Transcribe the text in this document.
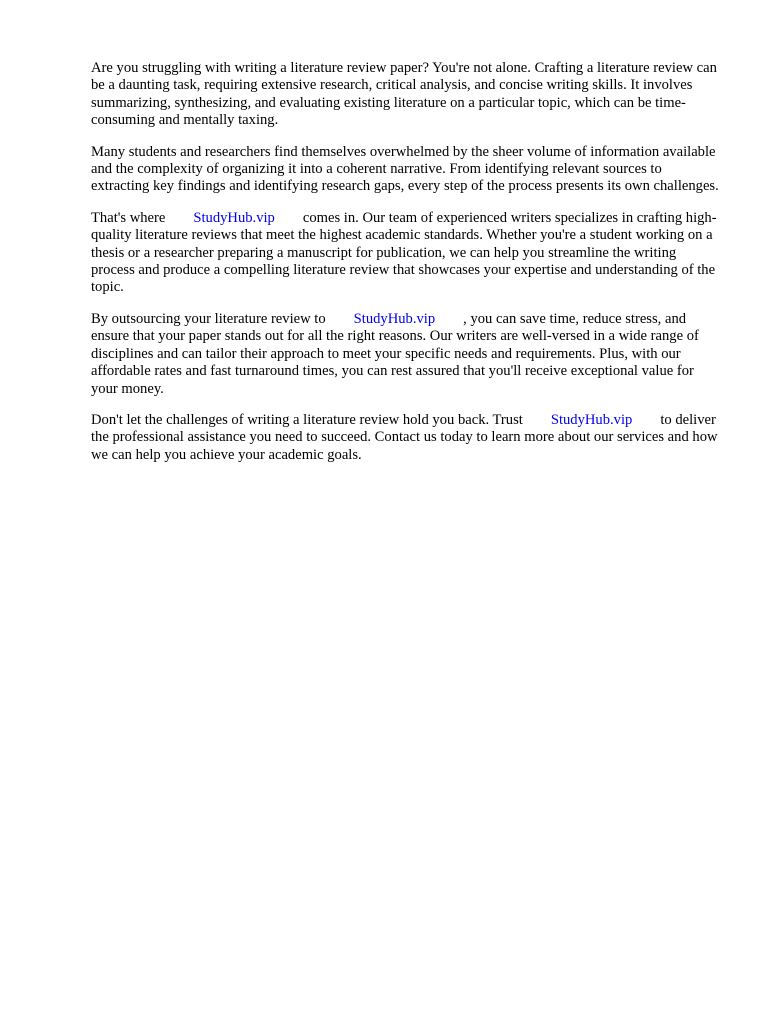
Are you struggling with writing a literature review paper? You're not alone. Crafting a literature review can be a daunting task, requiring extensive research, critical analysis, and concise writing skills. It involves summarizing, synthesizing, and evaluating existing literature on a particular topic, which can be time-consuming and mentally taxing.

Many students and researchers find themselves overwhelmed by the sheer volume of information available and the complexity of organizing it into a coherent narrative. From identifying relevant sources to extracting key findings and identifying research gaps, every step of the process presents its own challenges.

That's where StudyHub.vip comes in. Our team of experienced writers specializes in crafting high-quality literature reviews that meet the highest academic standards. Whether you're a student working on a thesis or a researcher preparing a manuscript for publication, we can help you streamline the writing process and produce a compelling literature review that showcases your expertise and understanding of the topic.

By outsourcing your literature review to StudyHub.vip , you can save time, reduce stress, and ensure that your paper stands out for all the right reasons. Our writers are well-versed in a wide range of disciplines and can tailor their approach to meet your specific needs and requirements. Plus, with our affordable rates and fast turnaround times, you can rest assured that you'll receive exceptional value for your money.

Don't let the challenges of writing a literature review hold you back. Trust StudyHub.vip to deliver the professional assistance you need to succeed. Contact us today to learn more about our services and how we can help you achieve your academic goals.
